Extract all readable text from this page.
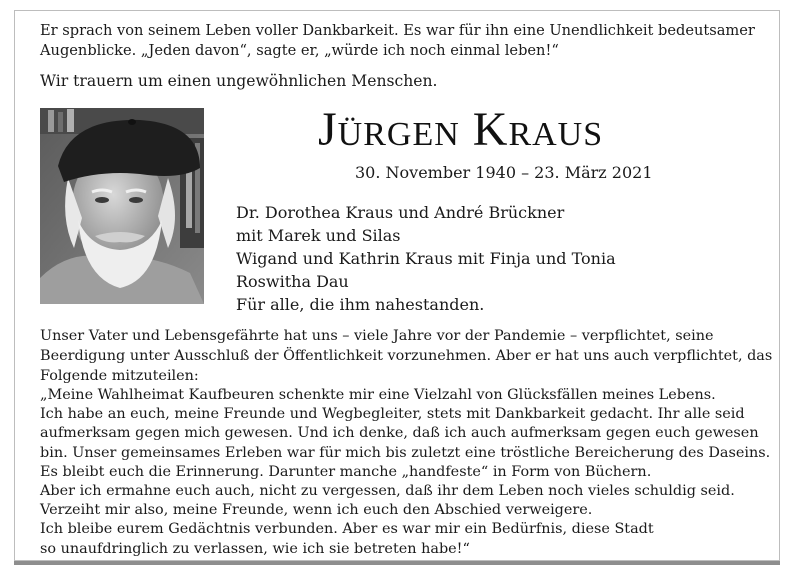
Er sprach von seinem Leben voller Dankbarkeit. Es war für ihn eine Unendlichkeit bedeutsamer Augenblicke. „Jeden davon“, sagte er, „würde ich noch einmal leben!“

Wir trauern um einen ungewöhnlichen Menschen.

Jürgen Kraus
30. November 1940 – 23. März 2021
Dr. Dorothea Kraus und André Brückner
mit Marek und Silas
Wigand und Kathrin Kraus mit Finja und Tonia
Roswitha Dau
Für alle, die ihm nahestanden.

Unser Vater und Lebensgefährte hat uns – viele Jahre vor der Pandemie – verpflichtet, seine Beerdigung unter Ausschluß der Öffentlichkeit vorzunehmen. Aber er hat uns auch verpflichtet, das Folgende mitzuteilen:

„Meine Wahlheimat Kaufbeuren schenkte mir eine Vielzahl von Glücksfällen meines Lebens.
Ich habe an euch, meine Freunde und Wegbegleiter, stets mit Dankbarkeit gedacht. Ihr alle seid
aufmerksam gegen mich gewesen. Und ich denke, daß ich auch aufmerksam gegen euch gewesen
bin. Unser gemeinsames Erleben war für mich bis zuletzt eine tröstliche Bereicherung des Daseins.
Es bleibt euch die Erinnerung. Darunter manche „handfeste“ in Form von Büchern.
Aber ich ermahne euch auch, nicht zu vergessen, daß ihr dem Leben noch vieles schuldig seid.
Verzeiht mir also, meine Freunde, wenn ich euch den Abschied verweigere.
Ich bleibe eurem Gedächtnis verbunden. Aber es war mir ein Bedürfnis, diese Stadt
so unaufdringlich zu verlassen, wie ich sie betreten habe!“
